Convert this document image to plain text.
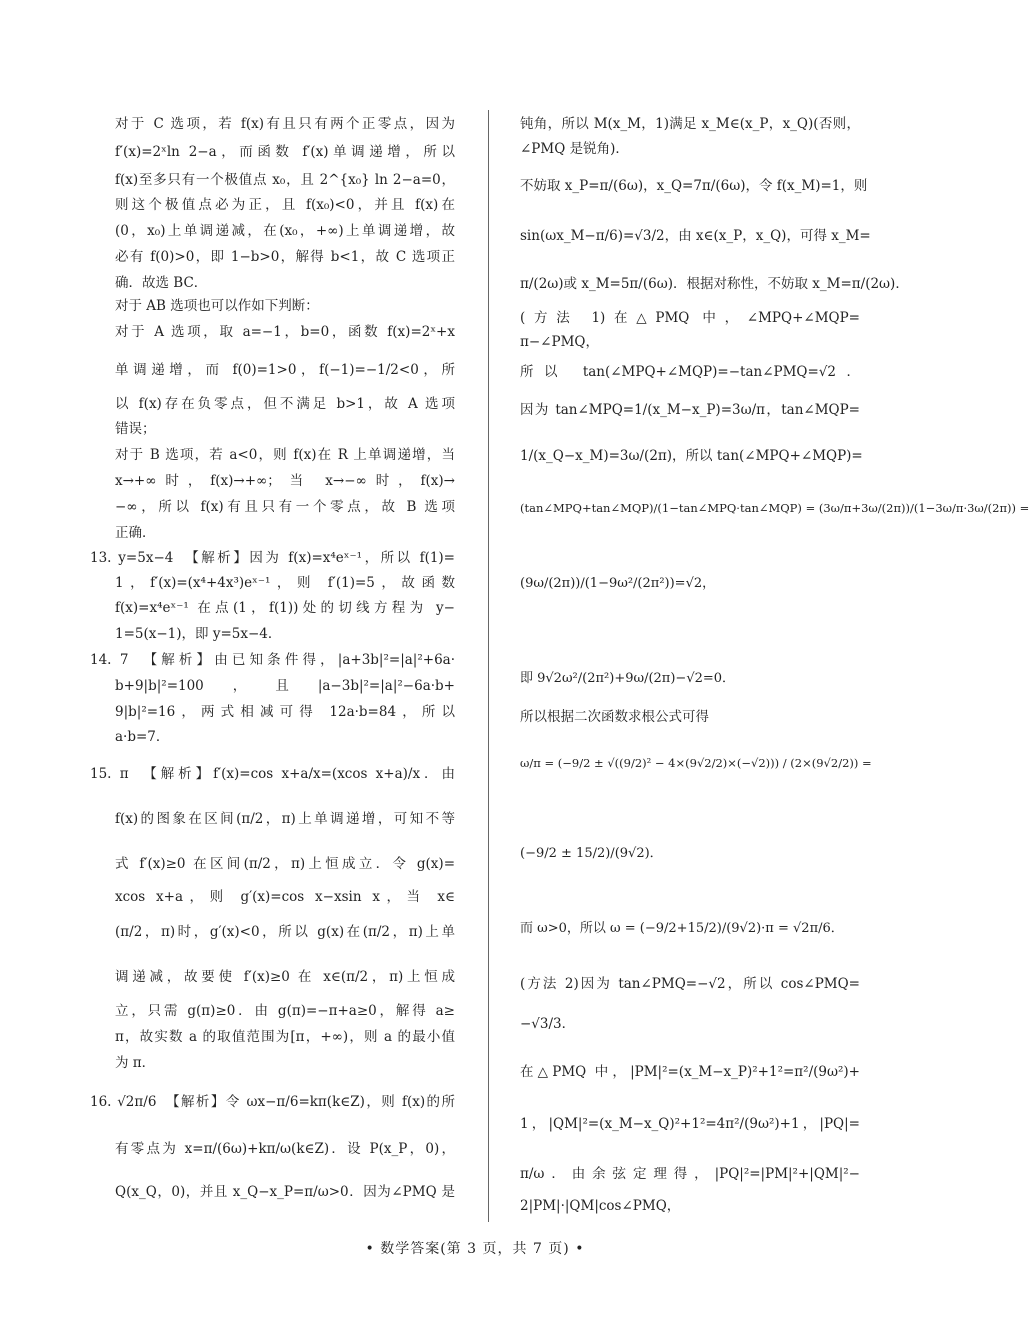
对于 C 选项，若 f(x)有且只有两个正零点，因为
f′(x)=2ˣln 2−a，而函数 f′(x)单调递增，所以
f(x)至多只有一个极值点 x₀，且 2^{x₀} ln 2−a=0，
则这个极值点必为正，且 f(x₀)<0，并且 f(x)在
(0，x₀)上单调递减，在(x₀，+∞)上单调递增，故
必有 f(0)>0，即 1−b>0，解得 b<1，故 C 选项正
确．故选 BC．
对于 AB 选项也可以作如下判断：
对于 A 选项，取 a=−1，b=0，函数 f(x)=2ˣ+x
单调递增，而 f(0)=1>0，f(−1)=−1/2<0，所
以 f(x)存在负零点，但不满足 b>1，故 A 选项
错误；
对于 B 选项，若 a<0，则 f(x)在 R 上单调递增，当
x→+∞时，f(x)→+∞；当 x→−∞时，f(x)→
−∞，所以 f(x)有且只有一个零点，故 B 选项
正确．
13. y=5x−4　【解析】因为 f(x)=x⁴eˣ⁻¹，所以 f(1)=
1，f′(x)=(x⁴+4x³)eˣ⁻¹，则 f′(1)=5，故函数
f(x)=x⁴eˣ⁻¹ 在点(1，f(1))处的切线方程为 y−
1=5(x−1)，即 y=5x−4．
14. 7　【解析】由已知条件得，|a+3b|²=|a|²+6a·
b+9|b|²=100，且|a−3b|²=|a|²−6a·b+
9|b|²=16，两式相减可得 12a·b=84，所以
a·b=7．
15. π　【解析】f′(x)=cos x+a/x=(xcos x+a)/x．由
f(x)的图象在区间(π/2，π)上单调递增，可知不等
式 f′(x)≥0 在区间(π/2，π)上恒成立．令 g(x)=
xcos x+a，则 g′(x)=cos x−xsin x，当 x∈
(π/2，π)时，g′(x)<0，所以 g(x)在(π/2，π)上单
调递减，故要使 f′(x)≥0 在 x∈(π/2，π)上恒成
立，只需 g(π)≥0．由 g(π)=−π+a≥0，解得 a≥
π，故实数 a 的取值范围为[π，+∞)，则 a 的最小值
为 π．
16. √2π/6　【解析】令 ωx−π/6=kπ(k∈Z)，则 f(x)的所
有零点为 x=π/(6ω)+kπ/ω(k∈Z)．设 P(x_P，0)，
Q(x_Q，0)，并且 x_Q−x_P=π/ω>0．因为∠PMQ 是
钝角，所以 M(x_M，1)满足 x_M∈(x_P，x_Q)(否则，
∠PMQ 是锐角)．
不妨取 x_P=π/(6ω)，x_Q=7π/(6ω)，令 f(x_M)=1，则
sin(ωx_M−π/6)=√3/2，由 x∈(x_P，x_Q)，可得 x_M=
π/(2ω)或 x_M=5π/(6ω)．根据对称性，不妨取 x_M=π/(2ω)．
(方法 1)在△PMQ 中，∠MPQ+∠MQP=
π−∠PMQ，
所以 tan(∠MPQ+∠MQP)=−tan∠PMQ=√2．
因为 tan∠MPQ=1/(x_M−x_P)=3ω/π，tan∠MQP=
1/(x_Q−x_M)=3ω/(2π)，所以 tan(∠MPQ+∠MQP)=
(tan∠MPQ+tan∠MQP)/(1−tan∠MPQ·tan∠MQP) = (3ω/π+3ω/(2π))/(1−3ω/π·3ω/(2π)) =
(9ω/(2π))/(1−9ω²/(2π²))=√2，
即 9√2ω²/(2π²)+9ω/(2π)−√2=0．
所以根据二次函数求根公式可得
ω/π = (−9/2 ± √((9/2)² − 4×(9√2/2)×(−√2))) / (2×(9√2/2)) =
(−9/2 ± 15/2)/(9√2)．
而 ω>0，所以 ω = (−9/2+15/2)/(9√2)·π = √2π/6．
(方法 2)因为 tan∠PMQ=−√2，所以 cos∠PMQ=
−√3/3．
在△PMQ 中，|PM|²=(x_M−x_P)²+1²=π²/(9ω²)+
1，|QM|²=(x_M−x_Q)²+1²=4π²/(9ω²)+1，|PQ|=
π/ω．由余弦定理得，|PQ|²=|PM|²+|QM|²−
2|PM|·|QM|cos∠PMQ，
• 数学答案(第 3 页，共 7 页) •
